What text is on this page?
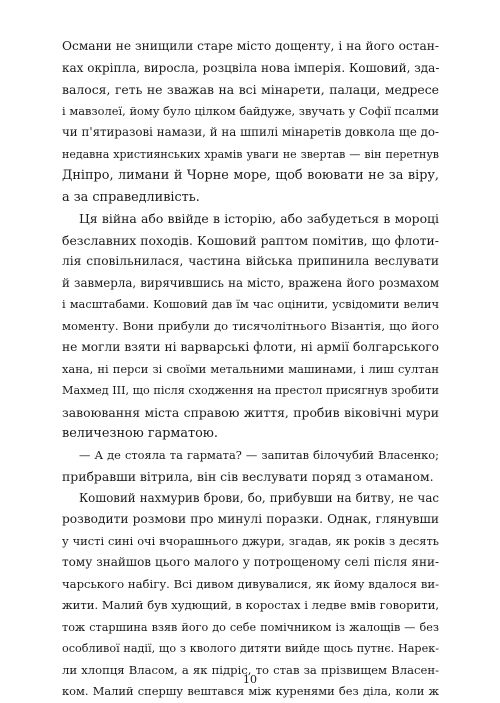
Османи не знищили старе місто дощенту, і на його остан-
ках окріпла, виросла, розцвіла нова імперія. Кошовий, зда-
валося, геть не зважав на всі мінарети, палаци, медресе
і мавзолеї, йому було цілком байдуже, звучать у Софії псалми
чи п'ятиразові намази, й на шпилі мінаретів довкола ще до-
недавна християнських храмів уваги не звертав — він перетнув
Дніпро, лимани й Чорне море, щоб воювати не за віру,
а за справедливість.
Ця війна або ввійде в історію, або забудеться в мороці
безславних походів. Кошовий раптом помітив, що флоти-
лія сповільнилася, частина війська припинила веслувати
й завмерла, вирячившись на місто, вражена його розмахом
і масштабами. Кошовий дав їм час оцінити, усвідомити велич
моменту. Вони прибули до тисячолітнього Візантія, що його
не могли взяти ні варварські флоти, ні армії болгарського
хана, ні перси зі своїми метальними машинами, і лиш султан
Махмед ІІІ, що після сходження на престол присягнув зробити
завоювання міста справою життя, пробив віковічні мури
величезною гарматою.
— А де стояла та гармата? — запитав білочубий Власенко;
прибравши вітрила, він сів веслувати поряд з отаманом.
Кошовий нахмурив брови, бо, прибувши на битву, не час
розводити розмови про минулі поразки. Однак, глянувши
у чисті сині очі вчорашнього джури, згадав, як років з десять
тому знайшов цього малого у потрощеному селі після яни-
чарського набігу. Всі дивом дивувалися, як йому вдалося ви-
жити. Малий був худющий, в коростах і ледве вмів говорити,
тож старшина взяв його до себе помічником із жалощів — без
особливої надії, що з кволого дитяти вийде щось путнє. Нарек-
ли хлопця Власом, а як підріс, то став за прізвищем Власен-
ком. Малий спершу вештався між куренями без діла, коли ж
10
